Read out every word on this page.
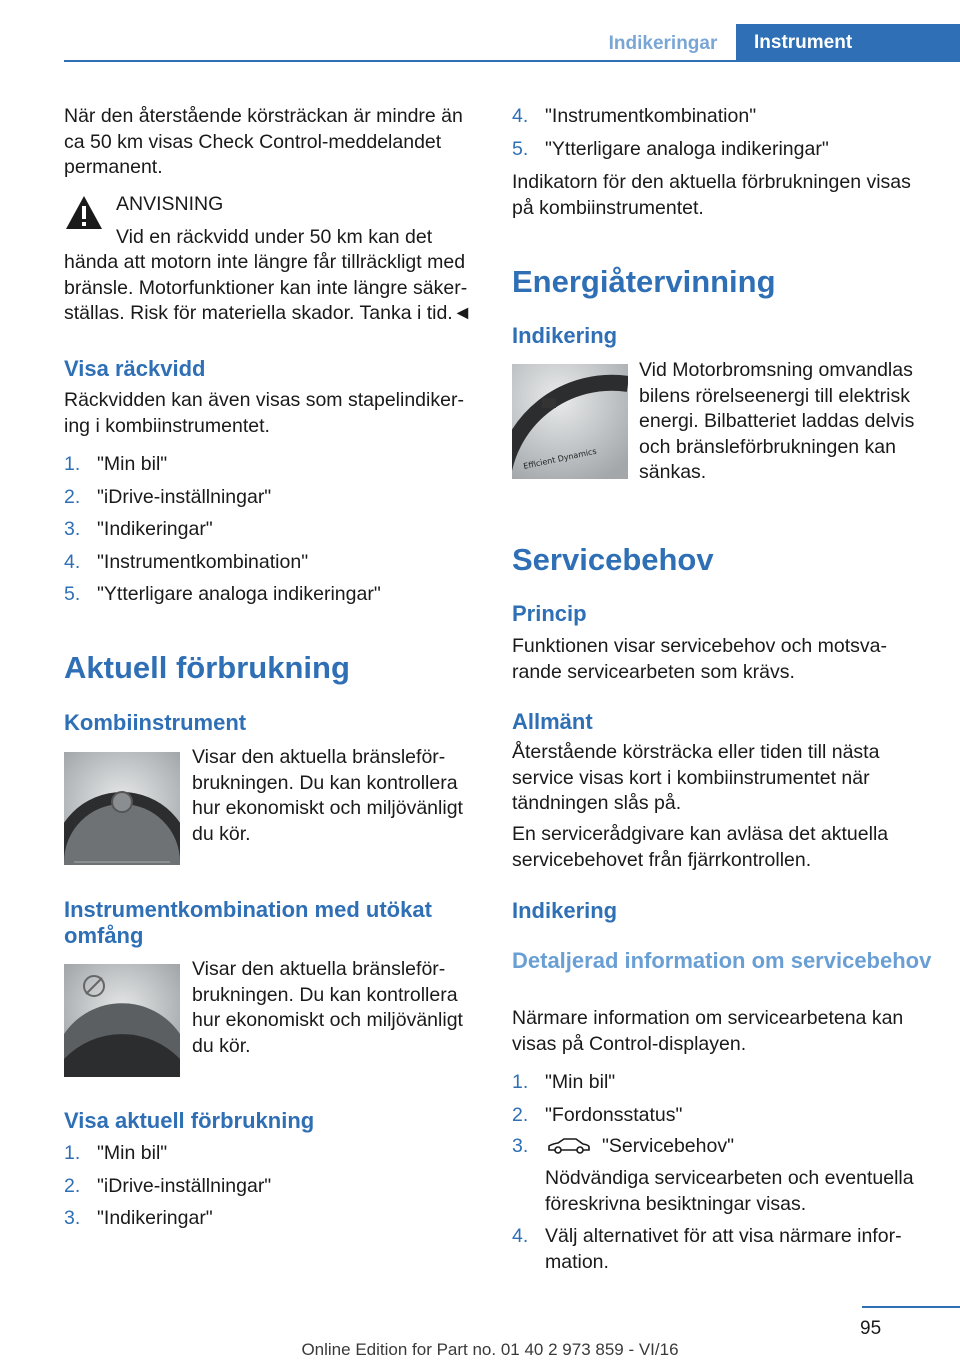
Indikeringar	Instrument
När den återstående körsträckan är mindre än ca 50 km visas Check Control-meddelandet permanent.
ANVISNING
Vid en räckvidd under 50 km kan det
hända att motorn inte längre får tillräckligt med bränsle. Motorfunktioner kan inte längre säker-ställas. Risk för materiella skador. Tanka i tid.◄
Visa räckvidd
Räckvidden kan även visas som stapelindiker-ing i kombiinstrumentet.
1. "Min bil"
2. "iDrive-inställningar"
3. "Indikeringar"
4. "Instrumentkombination"
5. "Ytterligare analoga indikeringar"
Aktuell förbrukning
Kombiinstrument
Visar den aktuella bränsleför-brukningen. Du kan kontrollera hur ekonomiskt och miljövänligt du kör.
Instrumentkombination med utökat omfång
Visar den aktuella bränsleför-brukningen. Du kan kontrollera hur ekonomiskt och miljövänligt du kör.
Visa aktuell förbrukning
1. "Min bil"
2. "iDrive-inställningar"
3. "Indikeringar"
4. "Instrumentkombination"
5. "Ytterligare analoga indikeringar"
Indikatorn för den aktuella förbrukningen visas på kombiinstrumentet.
Energiåtervinning
Indikering
Efficient Dynamics
Vid Motorbromsning omvandlas bilens rörelseenergi till elektrisk energi. Bilbatteriet laddas delvis och bränsleförbrukningen kan sänkas.
Servicebehov
Princip
Funktionen visar servicebehov och motsva-rande servicearbeten som krävs.
Allmänt
Återstående körsträcka eller tiden till nästa service visas kort i kombiinstrumentet när tändningen slås på.
En servicerådgivare kan avläsa det aktuella servicebehovet från fjärrkontrollen.
Indikering
Detaljerad information om servicebehov
Närmare information om servicearbetena kan visas på Control-displayen.
1. "Min bil"
2. "Fordonsstatus"
3.	"Servicebehov"
Nödvändiga servicearbeten och eventuella föreskrivna besiktningar visas.
4. Välj alternativet för att visa närmare infor-mation.
95
Online Edition for Part no. 01 40 2 973 859 - VI/16
